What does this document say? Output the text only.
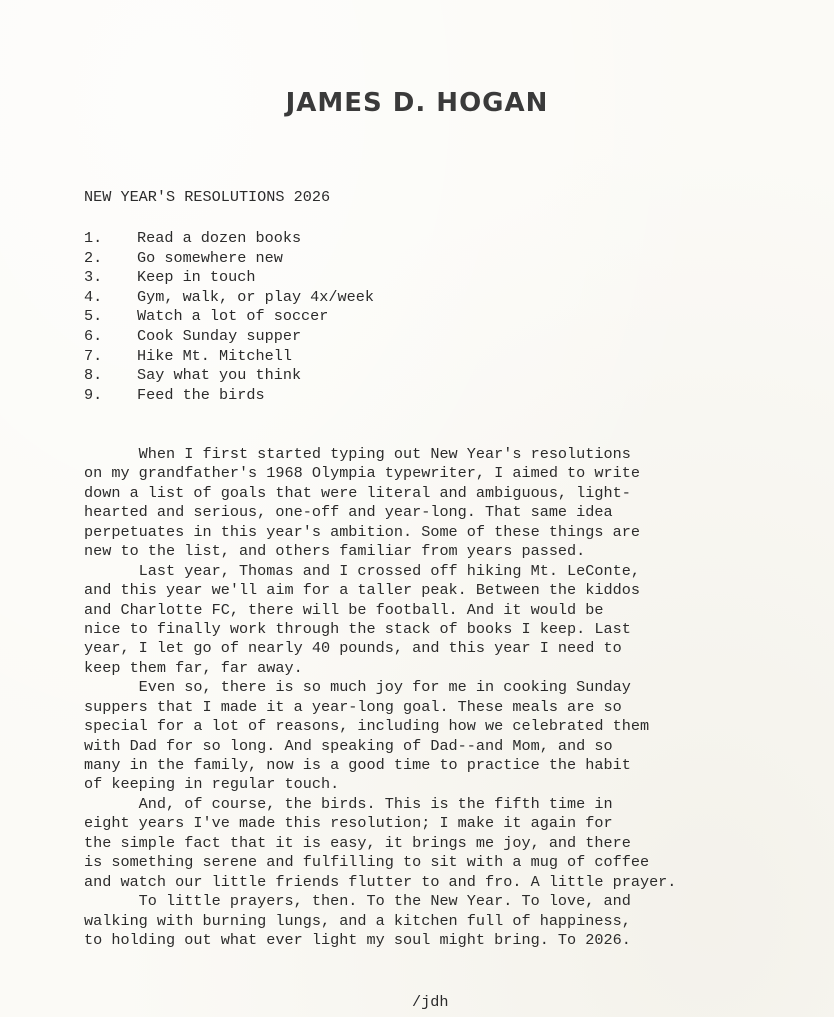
JAMES D. HOGAN
NEW YEAR'S RESOLUTIONS 2026
1.	Read a dozen books
2.	Go somewhere new
3.	Keep in touch
4.	Gym, walk, or play 4x/week
5.	Watch a lot of soccer
6.	Cook Sunday supper
7.	Hike Mt. Mitchell
8.	Say what you think
9.	Feed the birds
When I first started typing out New Year's resolutions
on my grandfather's 1968 Olympia typewriter, I aimed to write
down a list of goals that were literal and ambiguous, light-
hearted and serious, one-off and year-long. That same idea
perpetuates in this year's ambition. Some of these things are
new to the list, and others familiar from years passed.
Last year, Thomas and I crossed off hiking Mt. LeConte,
and this year we'll aim for a taller peak. Between the kiddos
and Charlotte FC, there will be football. And it would be
nice to finally work through the stack of books I keep. Last
year, I let go of nearly 40 pounds, and this year I need to
keep them far, far away.
Even so, there is so much joy for me in cooking Sunday
suppers that I made it a year-long goal. These meals are so
special for a lot of reasons, including how we celebrated them
with Dad for so long. And speaking of Dad--and Mom, and so
many in the family, now is a good time to practice the habit
of keeping in regular touch.
And, of course, the birds. This is the fifth time in
eight years I've made this resolution; I make it again for
the simple fact that it is easy, it brings me joy, and there
is something serene and fulfilling to sit with a mug of coffee
and watch our little friends flutter to and fro. A little prayer.
To little prayers, then. To the New Year. To love, and
walking with burning lungs, and a kitchen full of happiness,
to holding out what ever light my soul might bring. To 2026.
/jdh
